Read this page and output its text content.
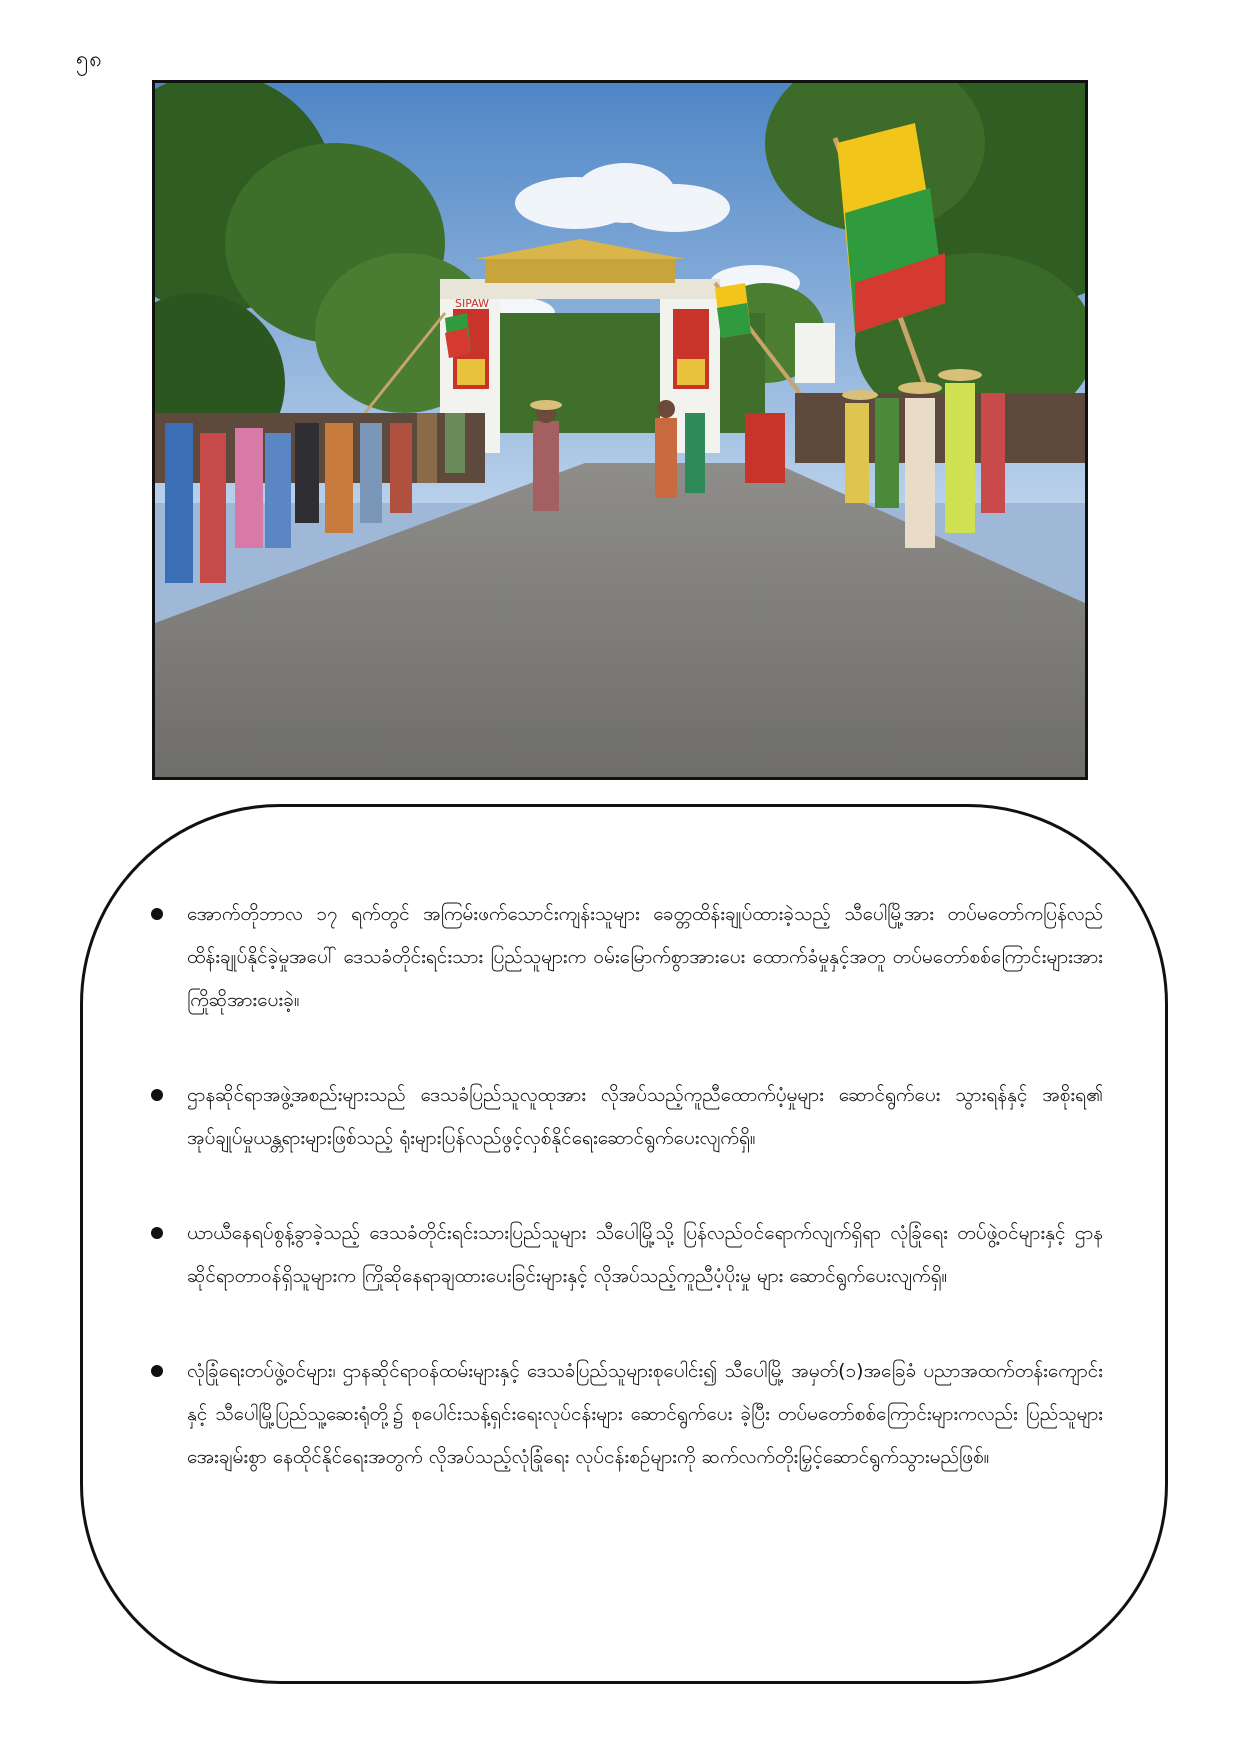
၅၈
SIPAW
အောက်တိုဘာလ ၁၇ ရက်တွင် အကြမ်းဖက်သောင်းကျန်းသူများ ခေတ္တထိန်းချုပ်ထားခဲ့သည့် သီပေါမြို့အား တပ်မတော်ကပြန်လည်ထိန်းချုပ်နိုင်ခဲ့မှုအပေါ် ဒေသခံတိုင်းရင်းသား ပြည်သူများက ဝမ်းမြောက်စွာအားပေး ထောက်ခံမှုနှင့်အတူ တပ်မတော်စစ်ကြောင်းများအား ကြိုဆိုအားပေးခဲ့။
ဌာနဆိုင်ရာအဖွဲ့အစည်းများသည် ဒေသခံပြည်သူလူထုအား လိုအပ်သည့်ကူညီထောက်ပံ့မှုများ ဆောင်ရွက်ပေး သွားရန်နှင့် အစိုးရ၏ အုပ်ချုပ်မှုယန္တရားများဖြစ်သည့် ရုံးများပြန်လည်ဖွင့်လှစ်နိုင်ရေးဆောင်ရွက်ပေးလျက်ရှိ။
ယာယီနေရပ်စွန့်ခွာခဲ့သည့် ဒေသခံတိုင်းရင်းသားပြည်သူများ သီပေါမြို့သို့ ပြန်လည်ဝင်ရောက်လျက်ရှိရာ လုံခြုံရေး တပ်ဖွဲ့ဝင်များနှင့် ဌာနဆိုင်ရာတာဝန်ရှိသူများက ကြိုဆိုနေရာချထားပေးခြင်းများနှင့် လိုအပ်သည့်ကူညီပံ့ပိုးမှု များ ဆောင်ရွက်ပေးလျက်ရှိ။
လုံခြုံရေးတပ်ဖွဲ့ဝင်များ၊ ဌာနဆိုင်ရာဝန်ထမ်းများနှင့် ဒေသခံပြည်သူများစုပေါင်း၍ သီပေါမြို့ အမှတ်(၁)အခြေခံ ပညာအထက်တန်းကျောင်းနှင့် သီပေါမြို့ပြည်သူ့ဆေးရုံတို့၌ စုပေါင်းသန့်ရှင်းရေးလုပ်ငန်းများ ဆောင်ရွက်ပေး ခဲ့ပြီး တပ်မတော်စစ်ကြောင်းများကလည်း ပြည်သူများ အေးချမ်းစွာ နေထိုင်နိုင်ရေးအတွက် လိုအပ်သည့်လုံခြုံရေး လုပ်ငန်းစဉ်များကို ဆက်လက်တိုးမြှင့်ဆောင်ရွက်သွားမည်ဖြစ်။
